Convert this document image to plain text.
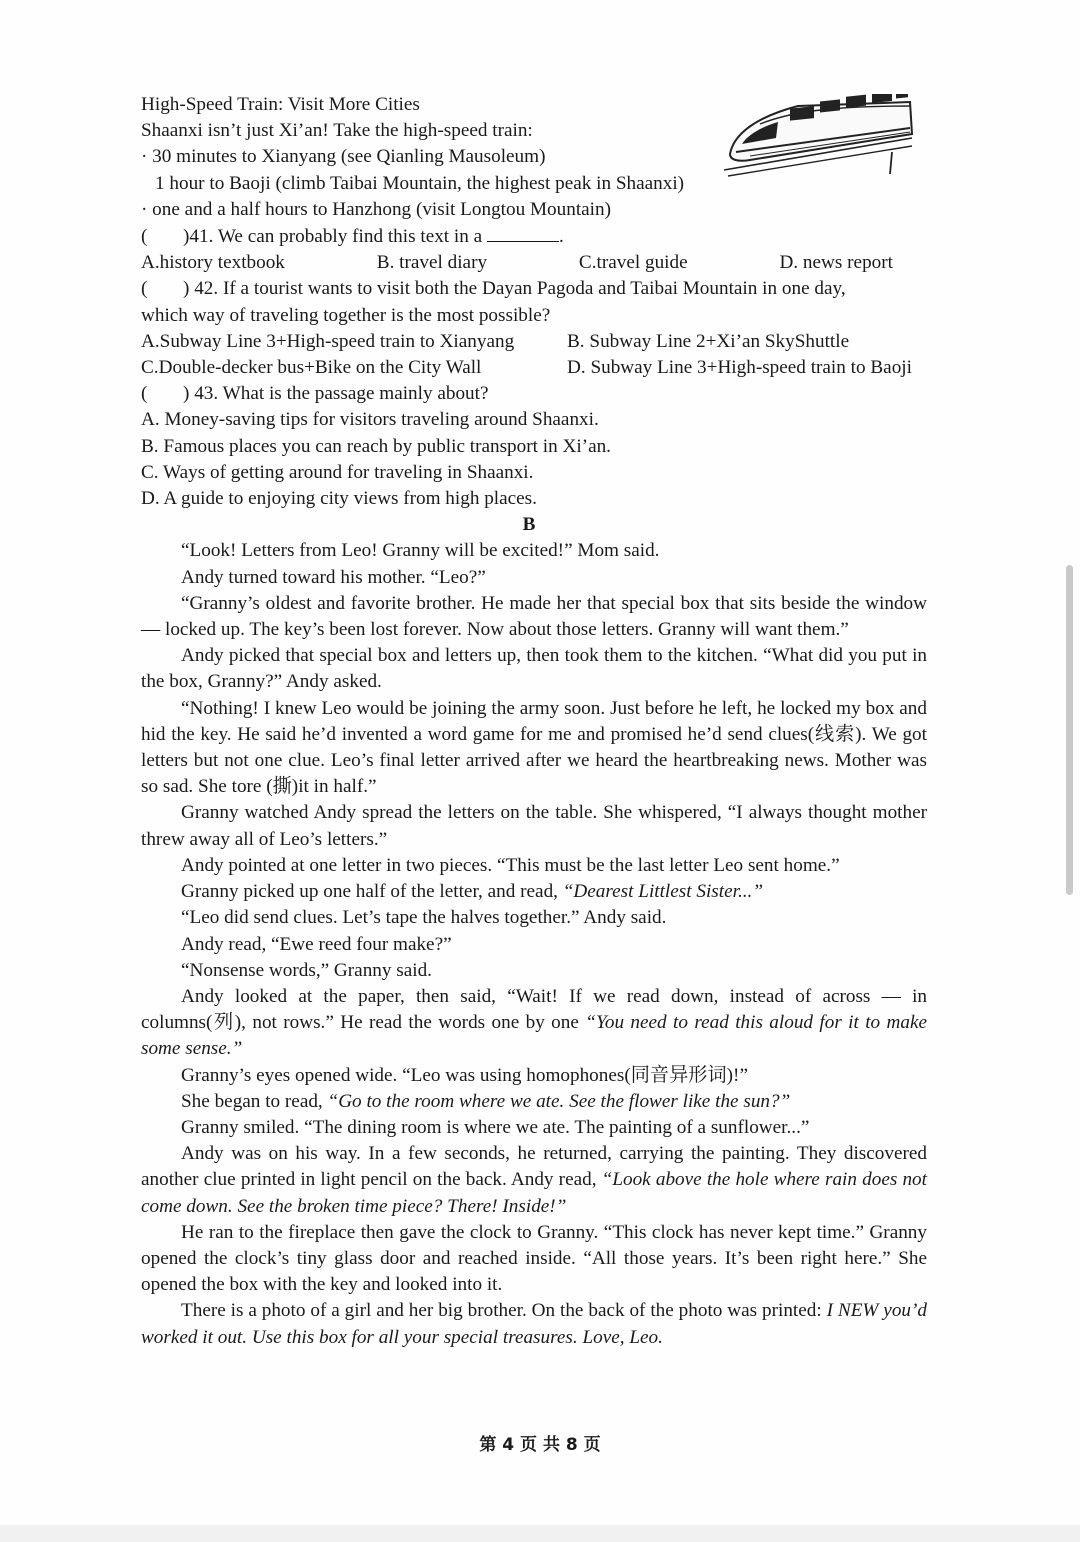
High-Speed Train: Visit More Cities
Shaanxi isn’t just Xi’an! Take the high-speed train:
· 30 minutes to Xianyang (see Qianling Mausoleum)
1 hour to Baoji (climb Taibai Mountain, the highest peak in Shaanxi)
· one and a half hours to Hanzhong (visit Longtou Mountain)
( )41. We can probably find this text in a	.
A.history textbook	B. travel diary	C.travel guide	D. news report
( ) 42. If a tourist wants to visit both the Dayan Pagoda and Taibai Mountain in one day,
which way of traveling together is the most possible?
A.Subway Line 3+High-speed train to Xianyang	B. Subway Line 2+Xi’an SkyShuttle
C.Double-decker bus+Bike on the City Wall	D. Subway Line 3+High-speed train to Baoji
( ) 43. What is the passage mainly about?
A. Money-saving tips for visitors traveling around Shaanxi.
B. Famous places you can reach by public transport in Xi’an.
C. Ways of getting around for traveling in Shaanxi.
D. A guide to enjoying city views from high places.
B
“Look! Letters from Leo! Granny will be excited!” Mom said.
Andy turned toward his mother. “Leo?”
“Granny’s oldest and favorite brother. He made her that special box that sits beside the window — locked up. The key’s been lost forever. Now about those letters. Granny will want them.”
Andy picked that special box and letters up, then took them to the kitchen. “What did you put in the box, Granny?” Andy asked.
“Nothing! I knew Leo would be joining the army soon. Just before he left, he locked my box and hid the key. He said he’d invented a word game for me and promised he’d send clues(线索). We got letters but not one clue. Leo’s final letter arrived after we heard the heartbreaking news. Mother was so sad. She tore (撕)it in half.”
Granny watched Andy spread the letters on the table. She whispered, “I always thought mother threw away all of Leo’s letters.”
Andy pointed at one letter in two pieces. “This must be the last letter Leo sent home.”
Granny picked up one half of the letter, and read, “Dearest Littlest Sister...”
“Leo did send clues. Let’s tape the halves together.” Andy said.
Andy read, “Ewe reed four make?”
“Nonsense words,” Granny said.
Andy looked at the paper, then said, “Wait! If we read down, instead of across — in columns(列), not rows.” He read the words one by one “You need to read this aloud for it to make some sense.”
Granny’s eyes opened wide. “Leo was using homophones(同音异形词)!”
She began to read, “Go to the room where we ate. See the flower like the sun?”
Granny smiled. “The dining room is where we ate. The painting of a sunflower...”
Andy was on his way. In a few seconds, he returned, carrying the painting. They discovered another clue printed in light pencil on the back. Andy read, “Look above the hole where rain does not come down. See the broken time piece? There! Inside!”
He ran to the fireplace then gave the clock to Granny. “This clock has never kept time.” Granny opened the clock’s tiny glass door and reached inside. “All those years. It’s been right here.” She opened the box with the key and looked into it.
There is a photo of a girl and her big brother. On the back of the photo was printed: I NEW you’d worked it out. Use this box for all your special treasures. Love, Leo.
第 4 页 共 8 页
